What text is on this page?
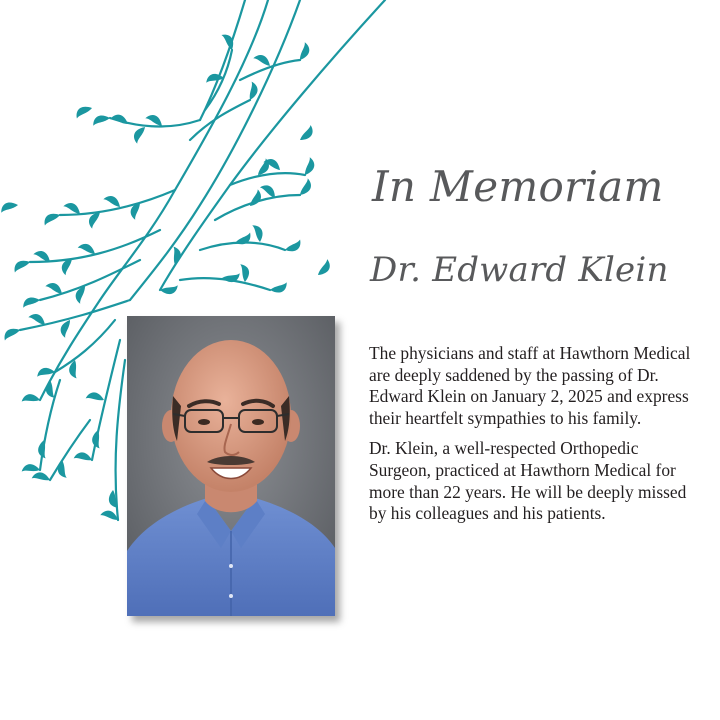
In Memoriam
Dr. Edward Klein

The physicians and staff at Hawthorn Medical are deeply saddened by the passing of Dr. Edward Klein on January 2, 2025 and express their heartfelt sympathies to his family.

Dr. Klein, a well-respected Orthopedic Surgeon, practiced at Hawthorn Medical for more than 22 years. He will be deeply missed by his colleagues and his patients.
